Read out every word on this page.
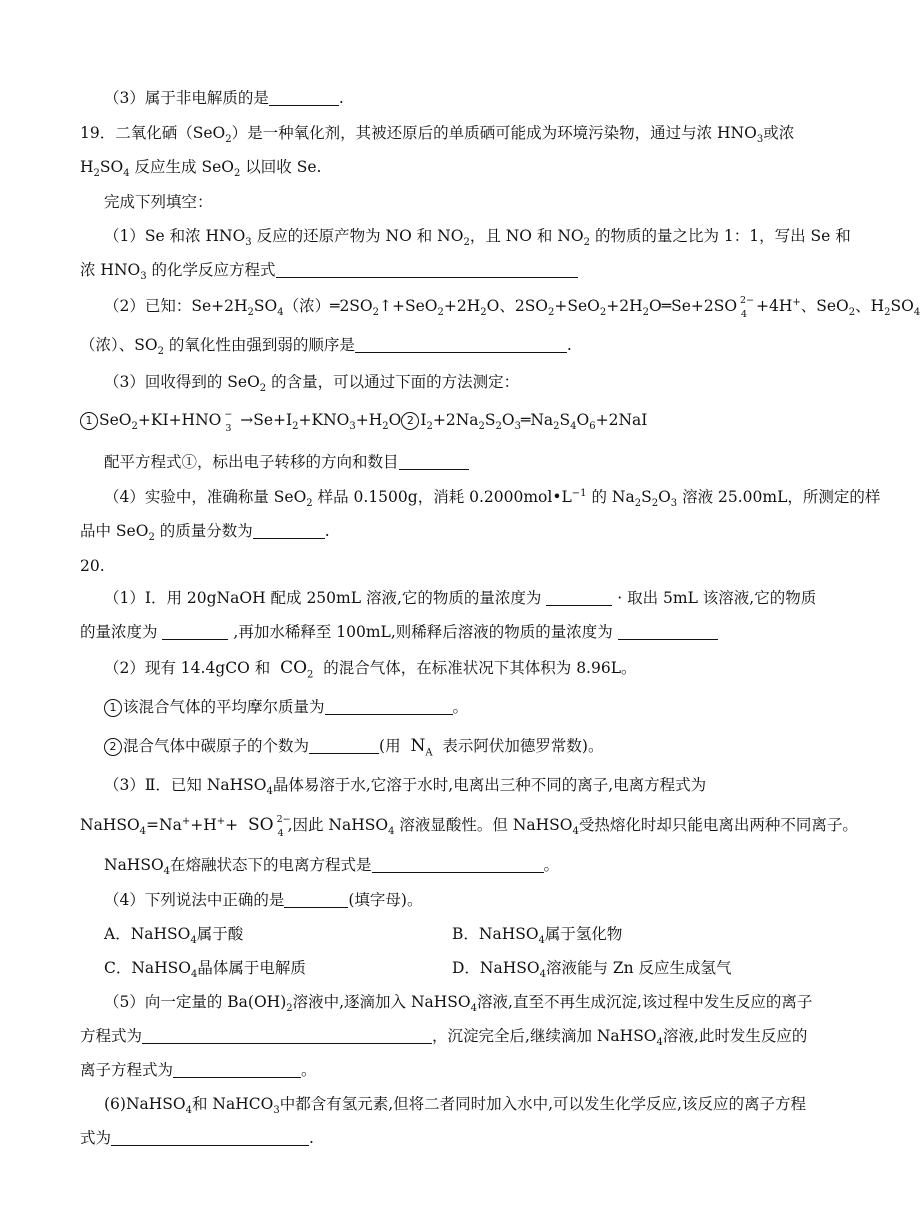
（3）属于非电解质的是	.
19．二氧化硒（SeO$_2$）是一种氧化剂，其被还原后的单质硒可能成为环境污染物，通过与浓 $HNO_3$或浓
$H_2SO_4$ 反应生成 SeO$_2$ 以回收 Se.
完成下列填空：
（1）Se 和浓 $HNO_3$ 反应的还原产物为 NO 和 $NO_2$，且 NO 和 $NO_2$ 的物质的量之比为 1：1，写出 Se 和
浓 $HNO_3$ 的化学反应方程式
（2）已知：$Se+2H_2SO_4$（浓）$═2SO_2↑+SeO_2+2H_2O$、$2SO_2+SeO_2+2H_2O═Se+2SO$ 2−
4 +4H+、SeO$_2$、$H_2SO_4$
（浓）、$SO_2$ 的氧化性由强到弱的顺序是	.
（3）回收得到的 SeO$_2$ 的含量，可以通过下面的方法测定：
1 SeO$_2$+KI+HNO −
$3 \to Se+I_2+KNO_3+H_2O$ 2 $I_2+2Na_2S_2O_3═Na_2S_4O_6+2NaI$
配平方程式①，标出电子转移的方向和数目
（4）实验中，准确称量 SeO$_2$ 样品 0.1500g，消耗 $0.2000mol•L^{-1}$ 的 $Na_2S_2O_3$ 溶液 25.00mL，所测定的样
品中 SeO$_2$ 的质量分数为	.
20.
（1）Ⅰ．用 20gNaOH 配成 250mL 溶液,它的物质的量浓度为	· 取出 5mL 该溶液,它的物质
的量浓度为	,再加水稀释至 100mL,则稀释后溶液的物质的量浓度为
（2）现有 14.4gCO 和 $CO_2$ 的混合气体，在标准状况下其体积为 8.96L。
1 该混合气体的平均摩尔质量为	。
2 混合气体中碳原子的个数为	(用 $N_A$ 表示阿伏加德罗常数)。
（3）Ⅱ．已知 NaHSO$_4$晶体易溶于水,它溶于水时,电离出三种不同的离子,电离方程式为
NaHSO$_4$=Na++H++ SO 2−
4 ,因此 NaHSO$_4$ 溶液显酸性。但 NaHSO$_4$受热熔化时却只能电离出两种不同离子。
NaHSO$_4$在熔融状态下的电离方程式是	。
（4）下列说法中正确的是	(填字母)。
A．NaHSO$_4$属于酸	B．NaHSO$_4$属于氢化物
C．NaHSO$_4$晶体属于电解质	D．NaHSO$_4$溶液能与 Zn 反应生成氢气
（5）向一定量的 $Ba(OH)_2$溶液中,逐滴加入 NaHSO$_4$溶液,直至不再生成沉淀,该过程中发生反应的离子
方程式为	，沉淀完全后,继续滴加 NaHSO$_4$溶液,此时发生反应的
离子方程式为	。
(6)NaHSO$_4$和 NaHCO$_3$中都含有氢元素,但将二者同时加入水中,可以发生化学反应,该反应的离子方程
式为	.
